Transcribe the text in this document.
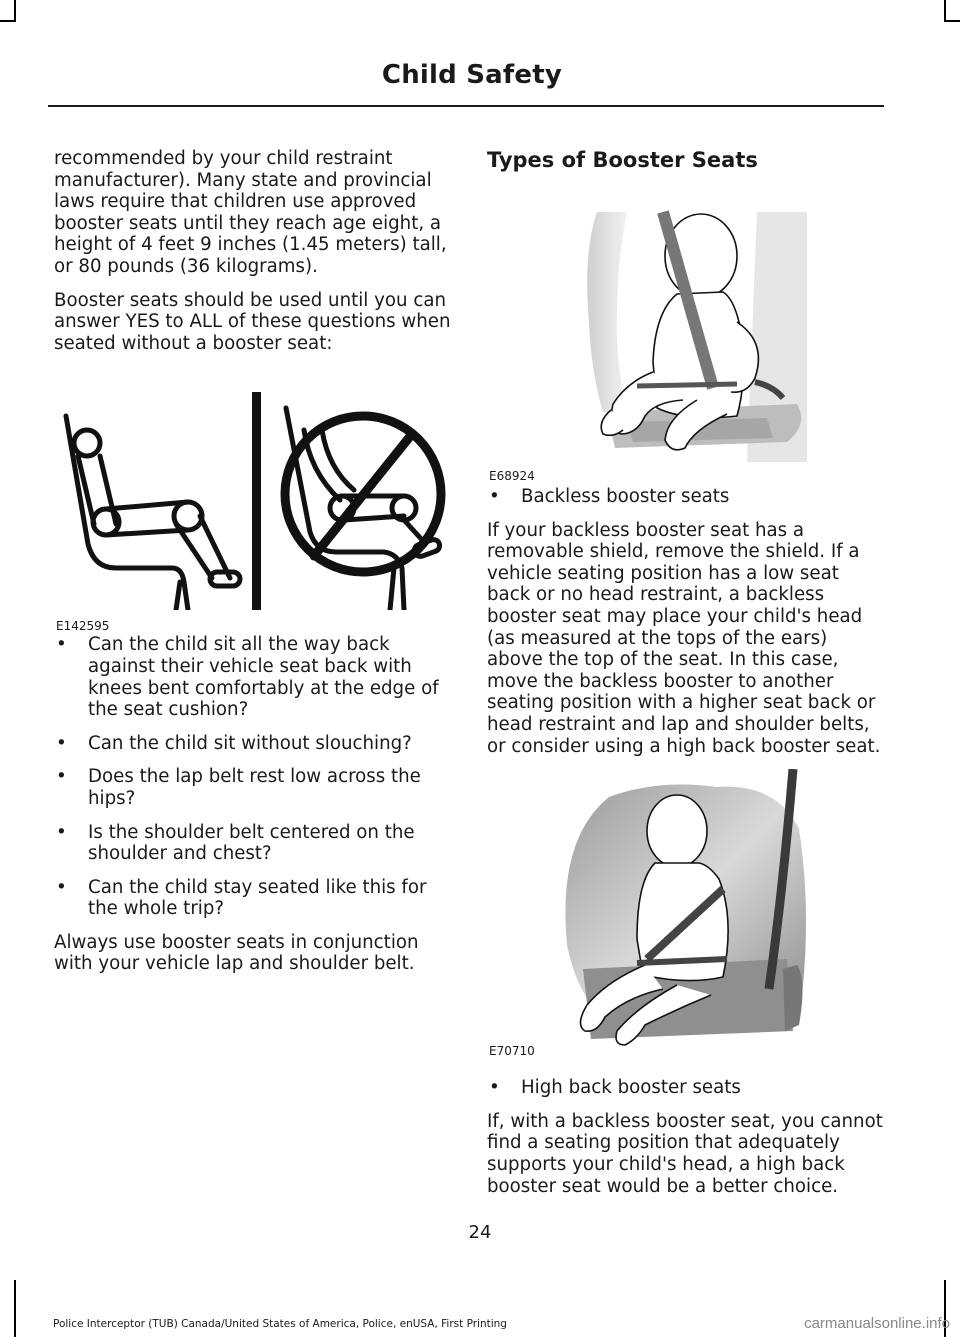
Child Safety

recommended by your child restraint manufacturer). Many state and provincial laws require that children use approved booster seats until they reach age eight, a height of 4 feet 9 inches (1.45 meters) tall, or 80 pounds (36 kilograms).

Booster seats should be used until you can answer YES to ALL of these questions when seated without a booster seat:

E142595
• Can the child sit all the way back against their vehicle seat back with knees bent comfortably at the edge of the seat cushion?
• Can the child sit without slouching?
• Does the lap belt rest low across the hips?
• Is the shoulder belt centered on the shoulder and chest?
• Can the child stay seated like this for the whole trip?

Always use booster seats in conjunction with your vehicle lap and shoulder belt.

Types of Booster Seats
E68924
• Backless booster seats

If your backless booster seat has a removable shield, remove the shield. If a vehicle seating position has a low seat back or no head restraint, a backless booster seat may place your child's head (as measured at the tops of the ears) above the top of the seat. In this case, move the backless booster to another seating position with a higher seat back or head restraint and lap and shoulder belts, or consider using a high back booster seat.

E70710
• High back booster seats

If, with a backless booster seat, you cannot find a seating position that adequately supports your child's head, a high back booster seat would be a better choice.

24
Police Interceptor (TUB) Canada/United States of America, Police, enUSA, First Printing	carmanualsonline.info
